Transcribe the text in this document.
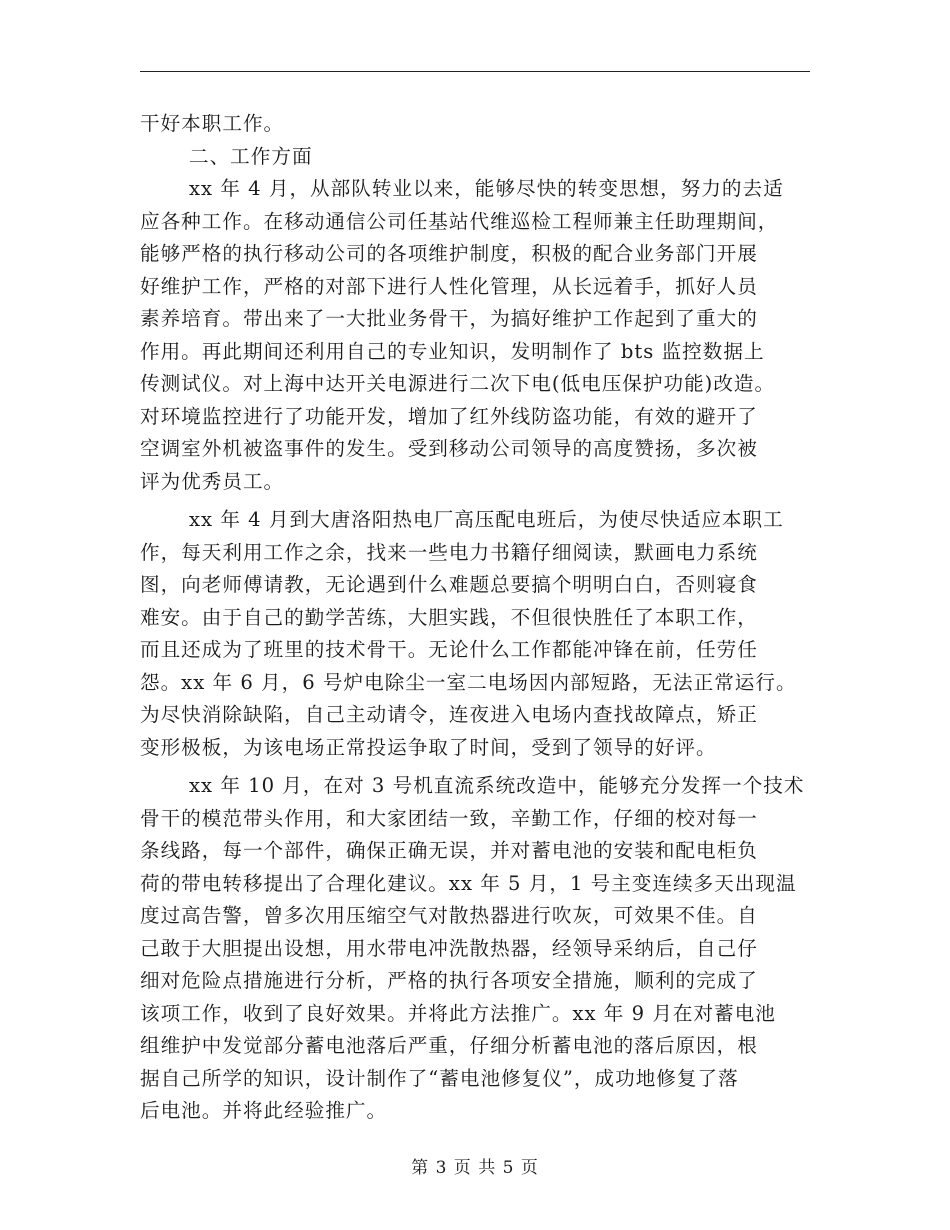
干好本职工作。
二、工作方面
xx 年 4 月，从部队转业以来，能够尽快的转变思想，努力的去适
应各种工作。在移动通信公司任基站代维巡检工程师兼主任助理期间，
能够严格的执行移动公司的各项维护制度，积极的配合业务部门开展
好维护工作，严格的对部下进行人性化管理，从长远着手，抓好人员
素养培育。带出来了一大批业务骨干，为搞好维护工作起到了重大的
作用。再此期间还利用自己的专业知识，发明制作了 bts 监控数据上
传测试仪。对上海中达开关电源进行二次下电(低电压保护功能)改造。
对环境监控进行了功能开发，增加了红外线防盗功能，有效的避开了
空调室外机被盗事件的发生。受到移动公司领导的高度赞扬，多次被
评为优秀员工。
xx 年 4 月到大唐洛阳热电厂高压配电班后，为使尽快适应本职工
作，每天利用工作之余，找来一些电力书籍仔细阅读，默画电力系统
图，向老师傅请教，无论遇到什么难题总要搞个明明白白，否则寝食
难安。由于自己的勤学苦练，大胆实践，不但很快胜任了本职工作，
而且还成为了班里的技术骨干。无论什么工作都能冲锋在前，任劳任
怨。xx 年 6 月，6 号炉电除尘一室二电场因内部短路，无法正常运行。
为尽快消除缺陷，自己主动请令，连夜进入电场内查找故障点，矫正
变形极板，为该电场正常投运争取了时间，受到了领导的好评。
xx 年 10 月，在对 3 号机直流系统改造中，能够充分发挥一个技术
骨干的模范带头作用，和大家团结一致，辛勤工作，仔细的校对每一
条线路，每一个部件，确保正确无误，并对蓄电池的安装和配电柜负
荷的带电转移提出了合理化建议。xx 年 5 月，1 号主变连续多天出现温
度过高告警，曾多次用压缩空气对散热器进行吹灰，可效果不佳。自
己敢于大胆提出设想，用水带电冲洗散热器，经领导采纳后，自己仔
细对危险点措施进行分析，严格的执行各项安全措施，顺利的完成了
该项工作，收到了良好效果。并将此方法推广。xx 年 9 月在对蓄电池
组维护中发觉部分蓄电池落后严重，仔细分析蓄电池的落后原因，根
据自己所学的知识，设计制作了“蓄电池修复仪”，成功地修复了落
后电池。并将此经验推广。
第 3 页 共 5 页
